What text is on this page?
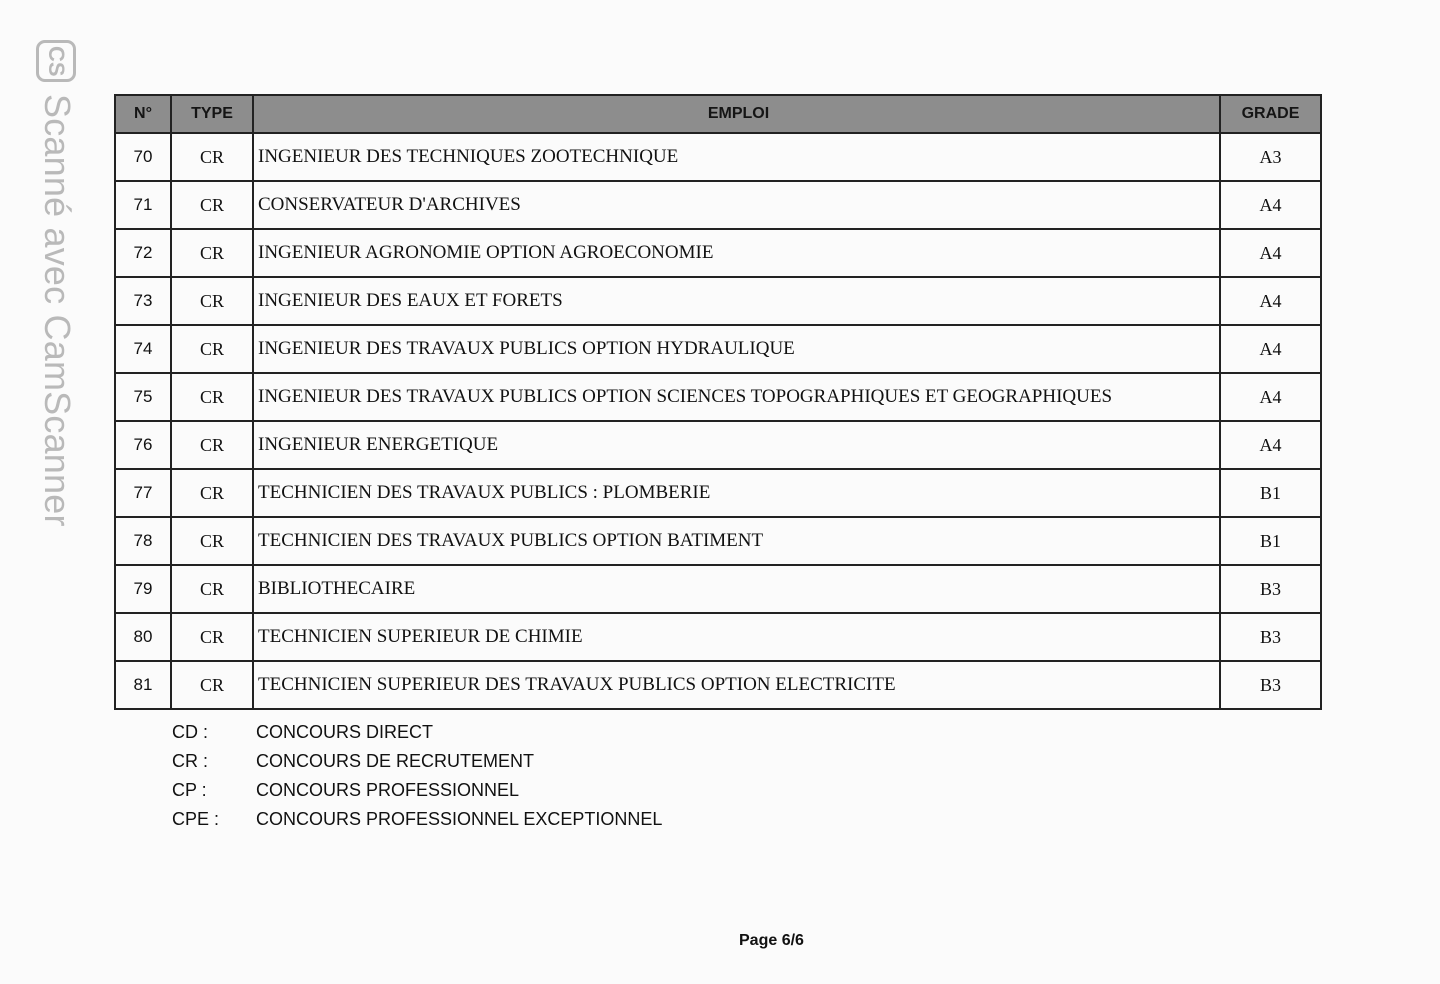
CS
Scanné avec CamScanner	N°	TYPE	EMPLOI	GRADE
70	CR	INGENIEUR DES TECHNIQUES ZOOTECHNIQUE	A3
71	CR	CONSERVATEUR D'ARCHIVES	A4
72	CR	INGENIEUR AGRONOMIE OPTION AGROECONOMIE	A4
73	CR	INGENIEUR DES EAUX ET FORETS	A4
74	CR	INGENIEUR DES TRAVAUX PUBLICS OPTION HYDRAULIQUE	A4
75	CR	INGENIEUR DES TRAVAUX PUBLICS OPTION SCIENCES TOPOGRAPHIQUES ET GEOGRAPHIQUES	A4
76	CR	INGENIEUR ENERGETIQUE	A4
77	CR	TECHNICIEN DES TRAVAUX PUBLICS : PLOMBERIE	B1
78	CR	TECHNICIEN DES TRAVAUX PUBLICS OPTION BATIMENT	B1
79	CR	BIBLIOTHECAIRE	B3
80	CR	TECHNICIEN SUPERIEUR DE CHIMIE	B3
81	CR	TECHNICIEN SUPERIEUR DES TRAVAUX PUBLICS OPTION ELECTRICITE	B3
CD :	CONCOURS DIRECT
CR :	CONCOURS DE RECRUTEMENT
CP :	CONCOURS PROFESSIONNEL
CPE :	CONCOURS PROFESSIONNEL EXCEPTIONNEL
Page 6/6
